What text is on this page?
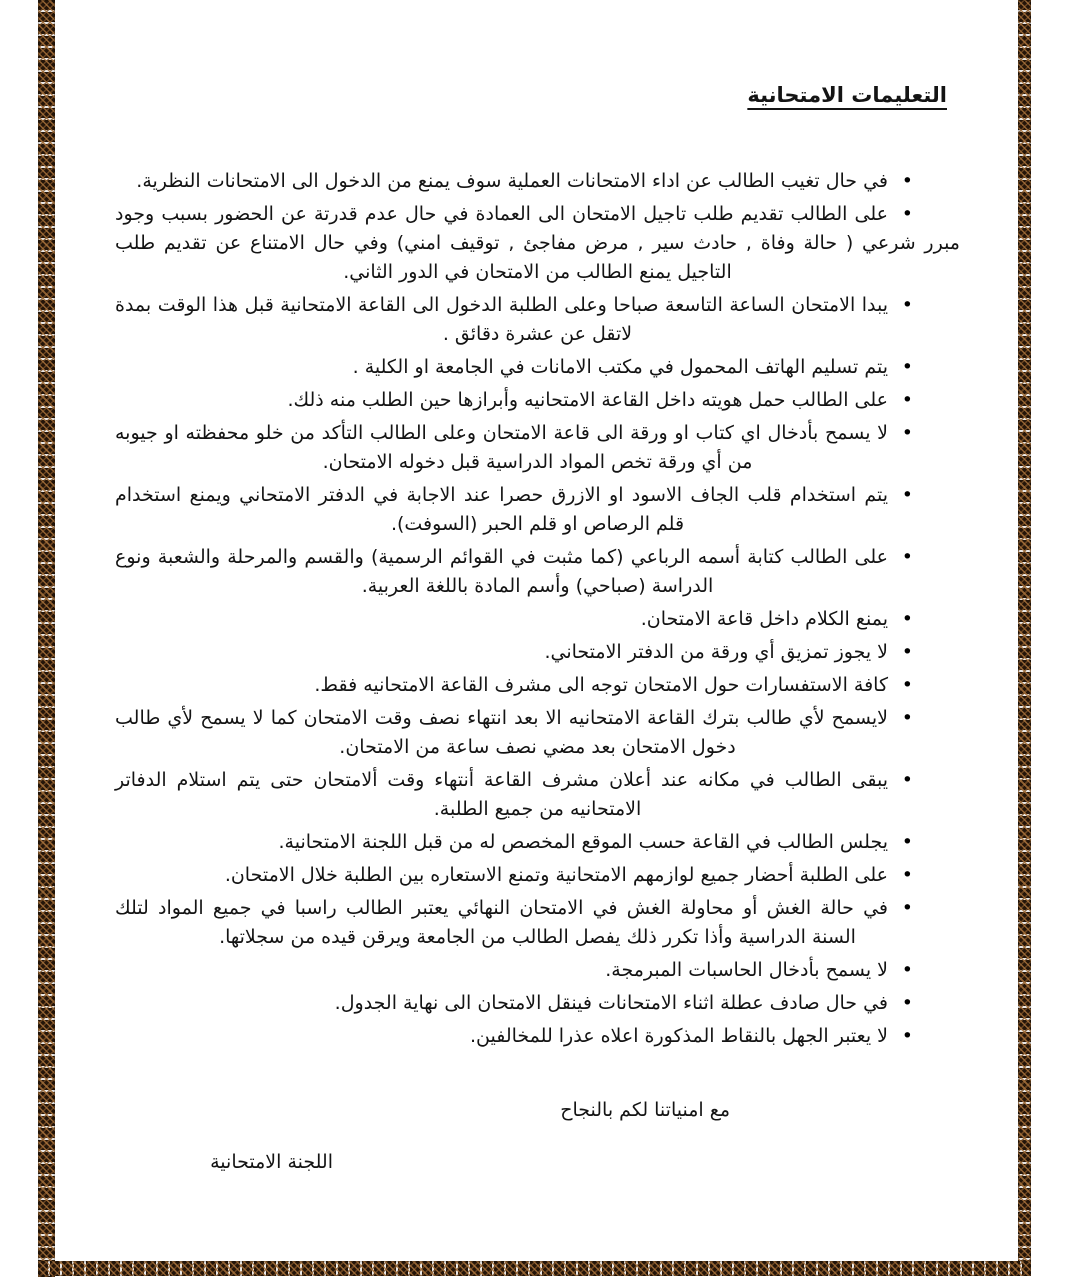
التعليمات الامتحانية
•
في حال تغيب الطالب عن اداء الامتحانات العملية سوف يمنع من الدخول الى الامتحانات النظرية.
•
على الطالب تقديم طلب تاجيل الامتحان الى العمادة في حال عدم قدرتة عن الحضور بسبب وجود مبرر شرعي ( حالة وفاة , حادث سير , مرض مفاجئ , توقيف امني) وفي حال الامتناع عن تقديم طلب التاجيل يمنع الطالب من الامتحان في الدور الثاني.
•
يبدا الامتحان الساعة التاسعة صباحا وعلى الطلبة الدخول الى القاعة الامتحانية قبل هذا الوقت بمدة لاتقل عن عشرة دقائق .
•
يتم تسليم الهاتف المحمول في مكتب الامانات في الجامعة او الكلية .
•
على الطالب حمل هويته داخل القاعة الامتحانيه وأبرازها حين الطلب منه ذلك.
•
لا يسمح بأدخال اي كتاب او ورقة الى قاعة الامتحان وعلى الطالب التأكد من خلو محفظته او جيوبه من أي ورقة تخص المواد الدراسية قبل دخوله الامتحان.
•
يتم استخدام قلب الجاف الاسود او الازرق حصرا عند الاجابة في الدفتر الامتحاني ويمنع استخدام قلم الرصاص او قلم الحبر (السوفت).
•
على الطالب كتابة أسمه الرباعي (كما مثبت في القوائم الرسمية) والقسم والمرحلة والشعبة ونوع الدراسة (صباحي) وأسم المادة باللغة العربية.
•
يمنع الكلام داخل قاعة الامتحان.
•
لا يجوز تمزيق أي ورقة من الدفتر الامتحاني.
•
كافة الاستفسارات حول الامتحان توجه الى مشرف القاعة الامتحانيه فقط.
•
لايسمح لأي طالب بترك القاعة الامتحانيه الا بعد انتهاء نصف وقت الامتحان كما لا يسمح لأي طالب دخول الامتحان بعد مضي نصف ساعة من الامتحان.
•
يبقى الطالب في مكانه عند أعلان مشرف القاعة أنتهاء وقت ألامتحان حتى يتم استلام الدفاتر الامتحانيه من جميع الطلبة.
•
يجلس الطالب في القاعة حسب الموقع المخصص له من قبل اللجنة الامتحانية.
•
على الطلبة أحضار جميع لوازمهم الامتحانية وتمنع الاستعاره بين الطلبة خلال الامتحان.
•
في حالة الغش أو محاولة الغش في الامتحان النهائي يعتبر الطالب راسبا في جميع المواد لتلك السنة الدراسية وأذا تكرر ذلك يفصل الطالب من الجامعة ويرقن قيده من سجلاتها.
•
لا يسمح بأدخال الحاسبات المبرمجة.
•
في حال صادف عطلة اثناء الامتحانات فينقل الامتحان الى نهاية الجدول.
•
لا يعتبر الجهل بالنقاط المذكورة اعلاه عذرا للمخالفين.
مع امنياتنا لكم بالنجاح
اللجنة الامتحانية
